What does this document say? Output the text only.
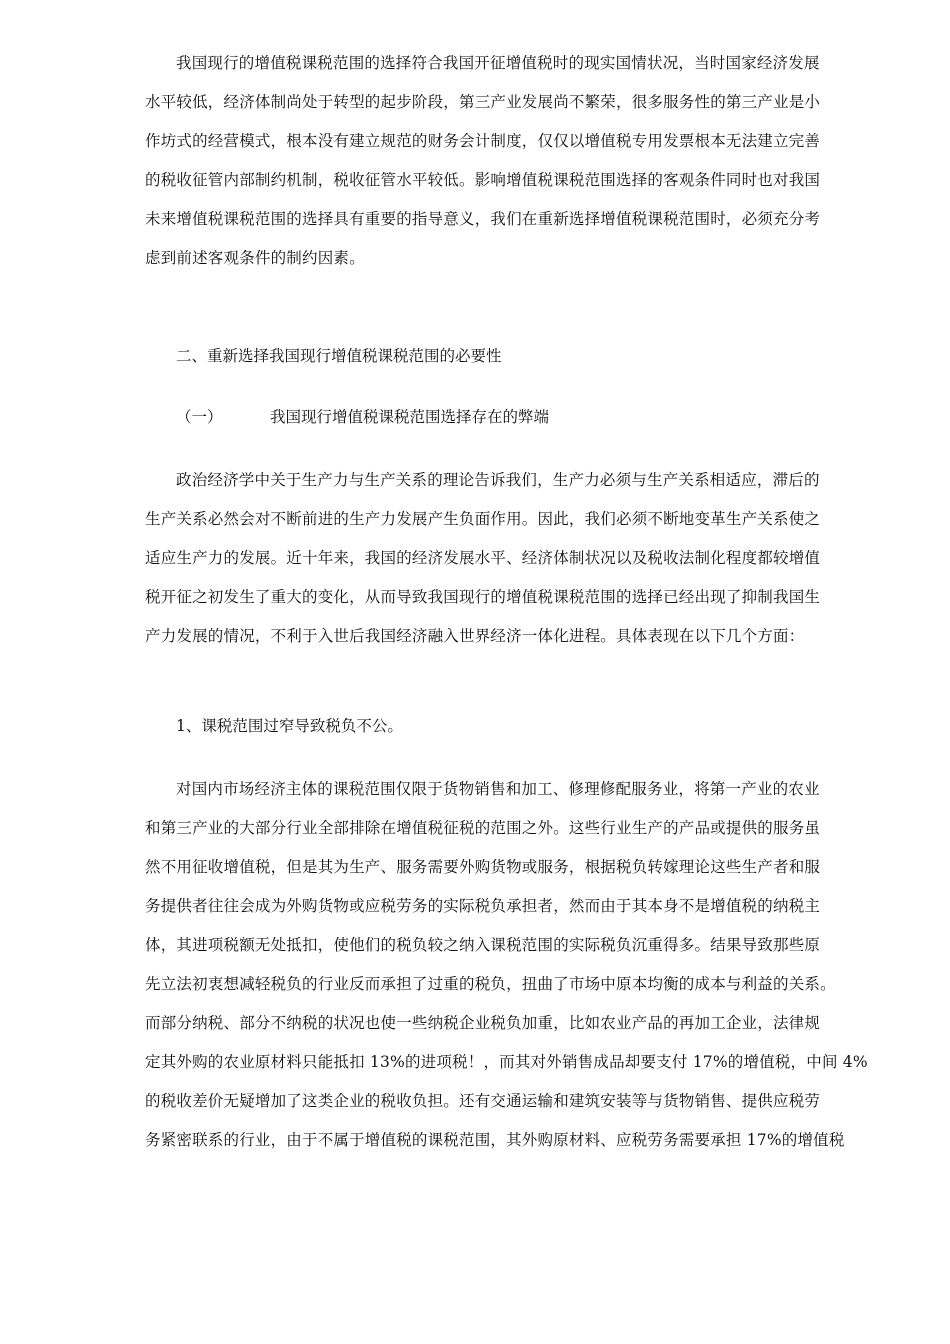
我国现行的增值税课税范围的选择符合我国开征增值税时的现实国情状况，当时国家经济发展
水平较低，经济体制尚处于转型的起步阶段，第三产业发展尚不繁荣，很多服务性的第三产业是小
作坊式的经营模式，根本没有建立规范的财务会计制度，仅仅以增值税专用发票根本无法建立完善
的税收征管内部制约机制，税收征管水平较低。影响增值税课税范围选择的客观条件同时也对我国
未来增值税课税范围的选择具有重要的指导意义，我们在重新选择增值税课税范围时，必须充分考
虑到前述客观条件的制约因素。

二、重新选择我国现行增值税课税范围的必要性

（一）	我国现行增值税课税范围选择存在的弊端

政治经济学中关于生产力与生产关系的理论告诉我们，生产力必须与生产关系相适应，滞后的
生产关系必然会对不断前进的生产力发展产生负面作用。因此，我们必须不断地变革生产关系使之
适应生产力的发展。近十年来，我国的经济发展水平、经济体制状况以及税收法制化程度都较增值
税开征之初发生了重大的变化，从而导致我国现行的增值税课税范围的选择已经出现了抑制我国生
产力发展的情况，不利于入世后我国经济融入世界经济一体化进程。具体表现在以下几个方面：

1、课税范围过窄导致税负不公。

对国内市场经济主体的课税范围仅限于货物销售和加工、修理修配服务业，将第一产业的农业
和第三产业的大部分行业全部排除在增值税征税的范围之外。这些行业生产的产品或提供的服务虽
然不用征收增值税，但是其为生产、服务需要外购货物或服务，根据税负转嫁理论这些生产者和服
务提供者往往会成为外购货物或应税劳务的实际税负承担者，然而由于其本身不是增值税的纳税主
体，其进项税额无处抵扣，使他们的税负较之纳入课税范围的实际税负沉重得多。结果导致那些原
先立法初衷想减轻税负的行业反而承担了过重的税负，扭曲了市场中原本均衡的成本与利益的关系。
而部分纳税、部分不纳税的状况也使一些纳税企业税负加重，比如农业产品的再加工企业，法律规
定其外购的农业原材料只能抵扣 13%的进项税！，而其对外销售成品却要支付 17%的增值税，中间 4%
的税收差价无疑增加了这类企业的税收负担。还有交通运输和建筑安装等与货物销售、提供应税劳
务紧密联系的行业，由于不属于增值税的课税范围，其外购原材料、应税劳务需要承担 17%的增值税
